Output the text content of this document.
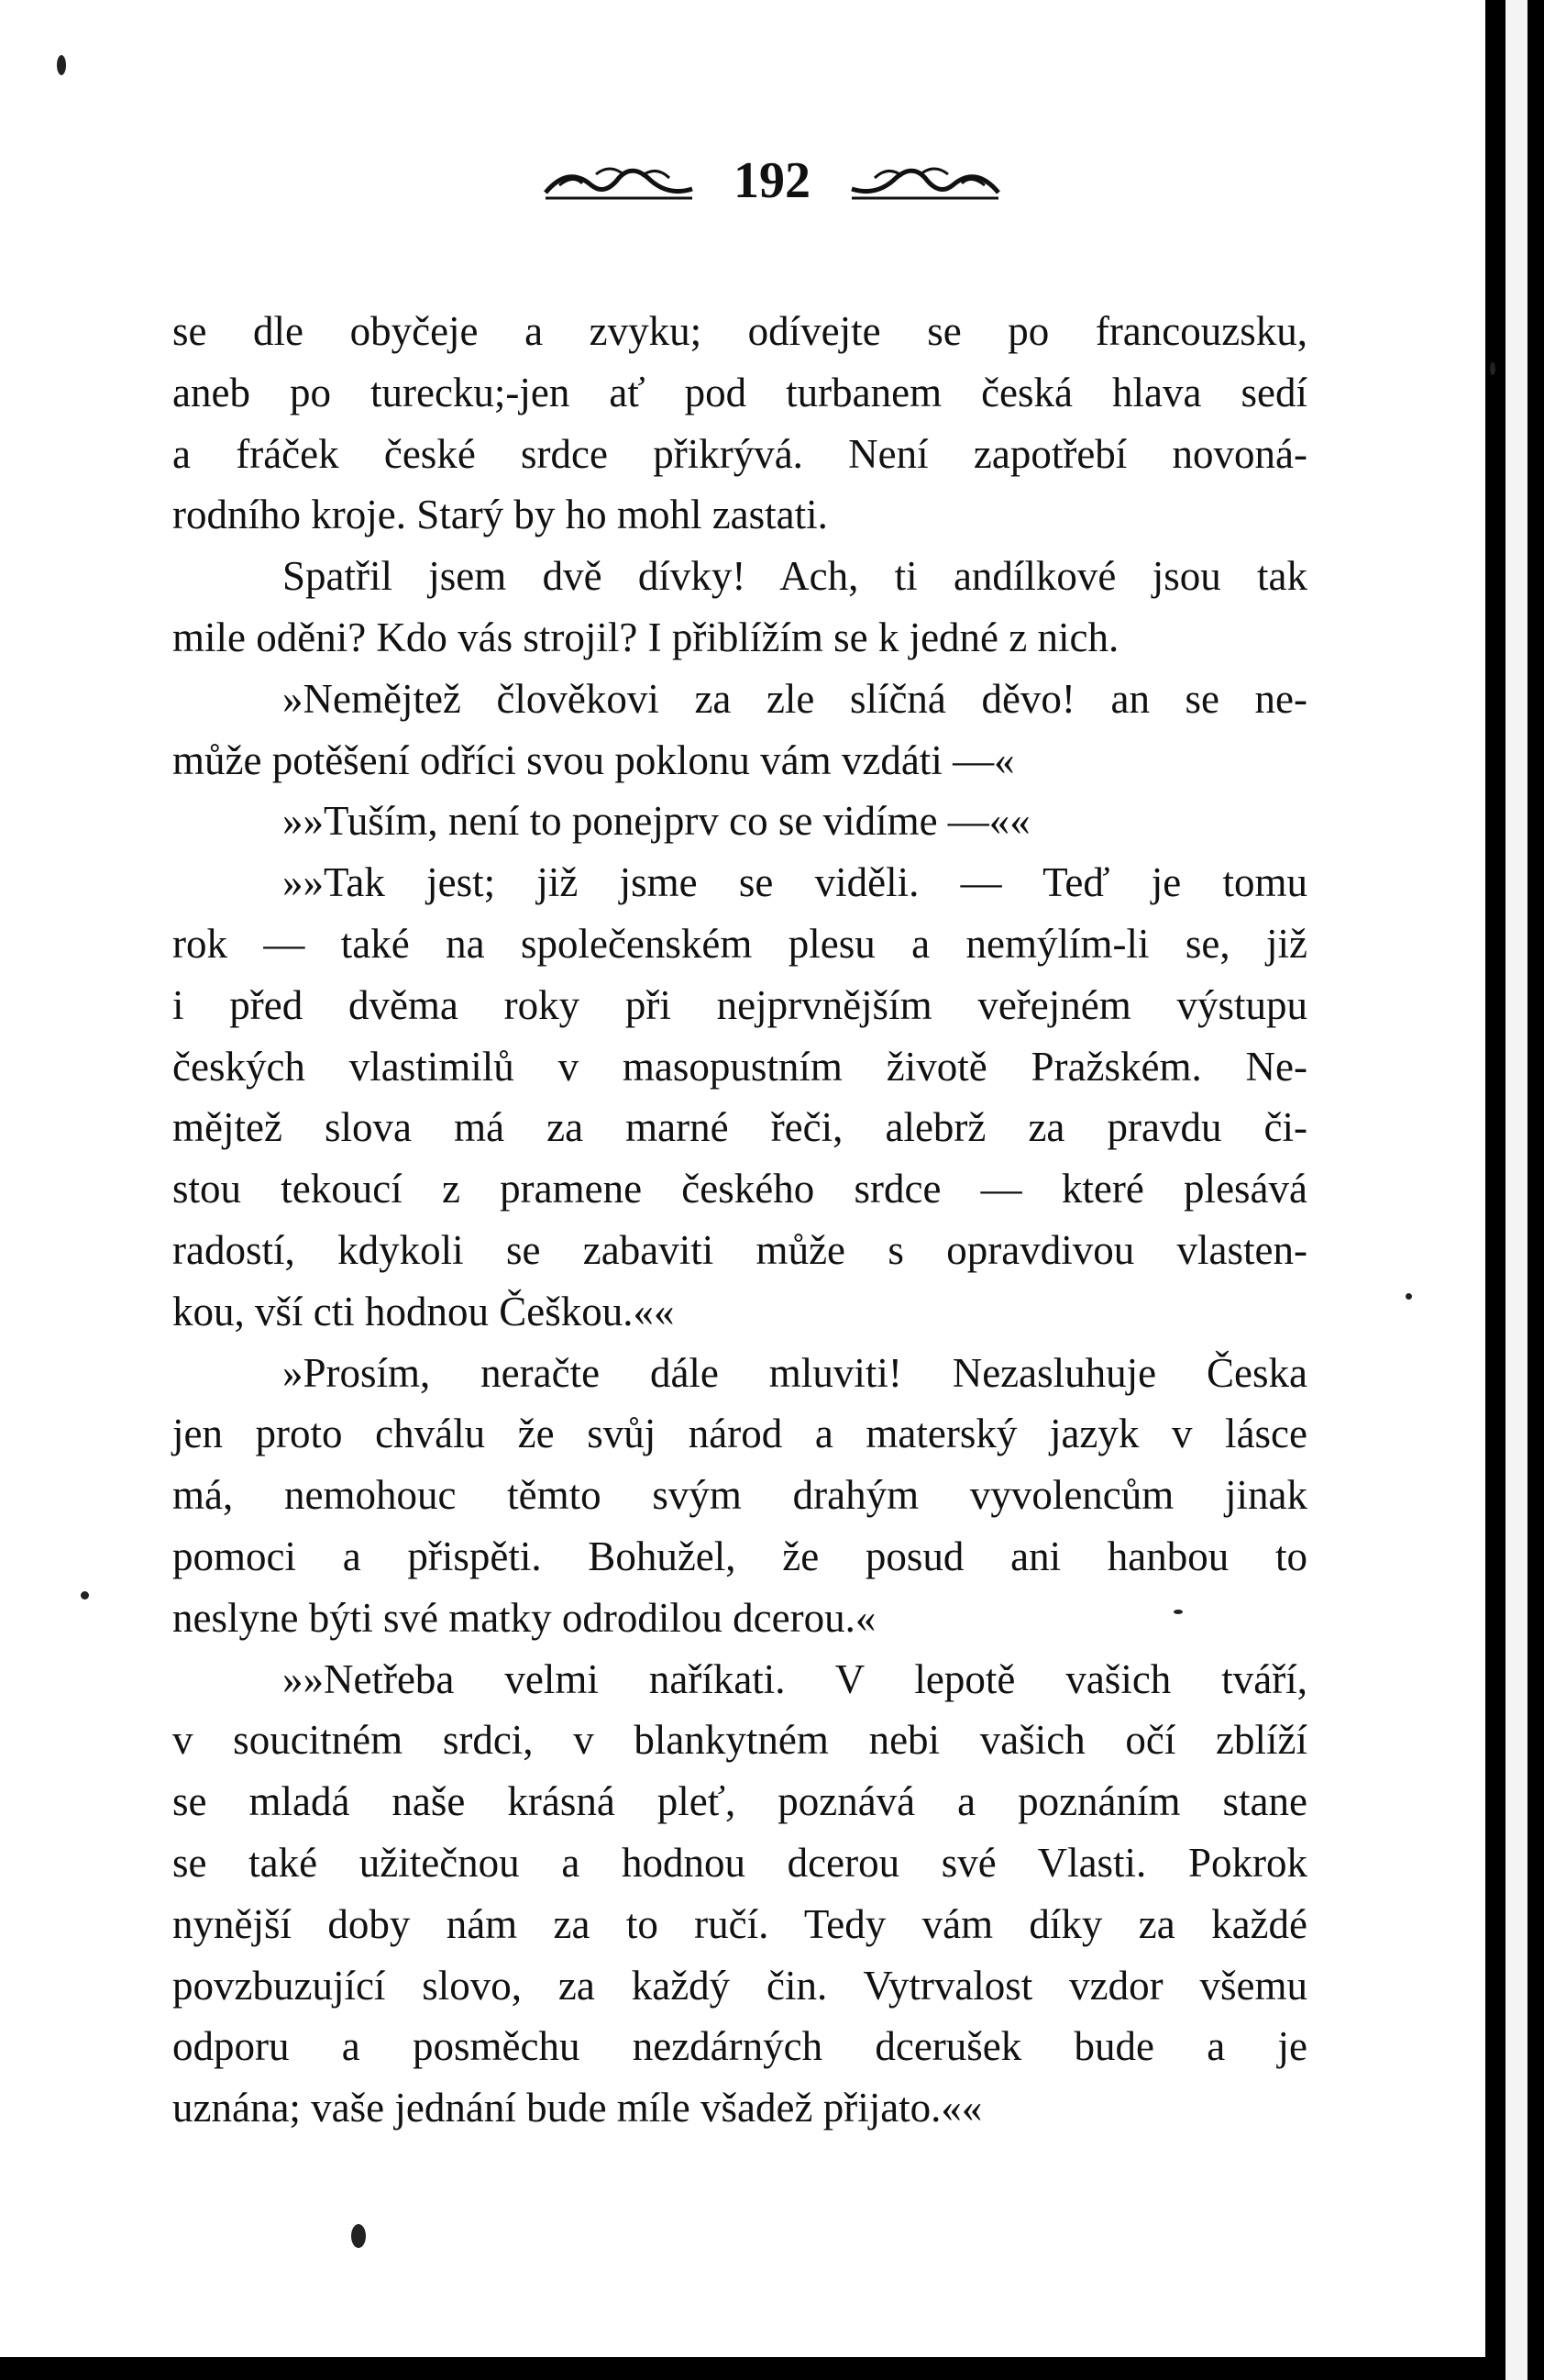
192

se dle obyčeje a zvyku; odívejte se po francouzsku,

aneb po turecku;-jen ať pod turbanem česká hlava sedí

a fráček české srdce přikrývá. Není zapotřebí novoná-

rodního kroje. Starý by ho mohl zastati.

Spatřil jsem dvě dívky! Ach, ti andílkové jsou tak

mile oděni? Kdo vás strojil? I přiblížím se k jedné z nich.

»Nemějtež člověkovi za zle slíčná děvo! an se ne-

může potěšení odříci svou poklonu vám vzdáti —«

»»Tuším, není to ponejprv co se vidíme —««

»»Tak jest; již jsme se viděli. — Teď je tomu

rok — také na společenském plesu a nemýlím-li se, již

i před dvěma roky při nejprvnějším veřejném výstupu

českých vlastimilů v masopustním životě Pražském. Ne-

mějtež slova má za marné řeči, alebrž za pravdu či-

stou tekoucí z pramene českého srdce — které plesává

radostí, kdykoli se zabaviti může s opravdivou vlasten-

kou, vší cti hodnou Češkou.««

»Prosím, neračte dále mluviti! Nezasluhuje Česka

jen proto chválu že svůj národ a materský jazyk v lásce

má, nemohouc těmto svým drahým vyvolencům jinak

pomoci a přispěti. Bohužel, že posud ani hanbou to

neslyne býti své matky odrodilou dcerou.«

»»Netřeba velmi naříkati. V lepotě vašich tváří,

v soucitném srdci, v blankytném nebi vašich očí zblíží

se mladá naše krásná pleť, poznává a poznáním stane

se také užitečnou a hodnou dcerou své Vlasti. Pokrok

nynější doby nám za to ručí. Tedy vám díky za každé

povzbuzující slovo, za každý čin. Vytrvalost vzdor všemu

odporu a posměchu nezdárných dcerušek bude a je

uznána; vaše jednání bude míle všadež přijato.««
